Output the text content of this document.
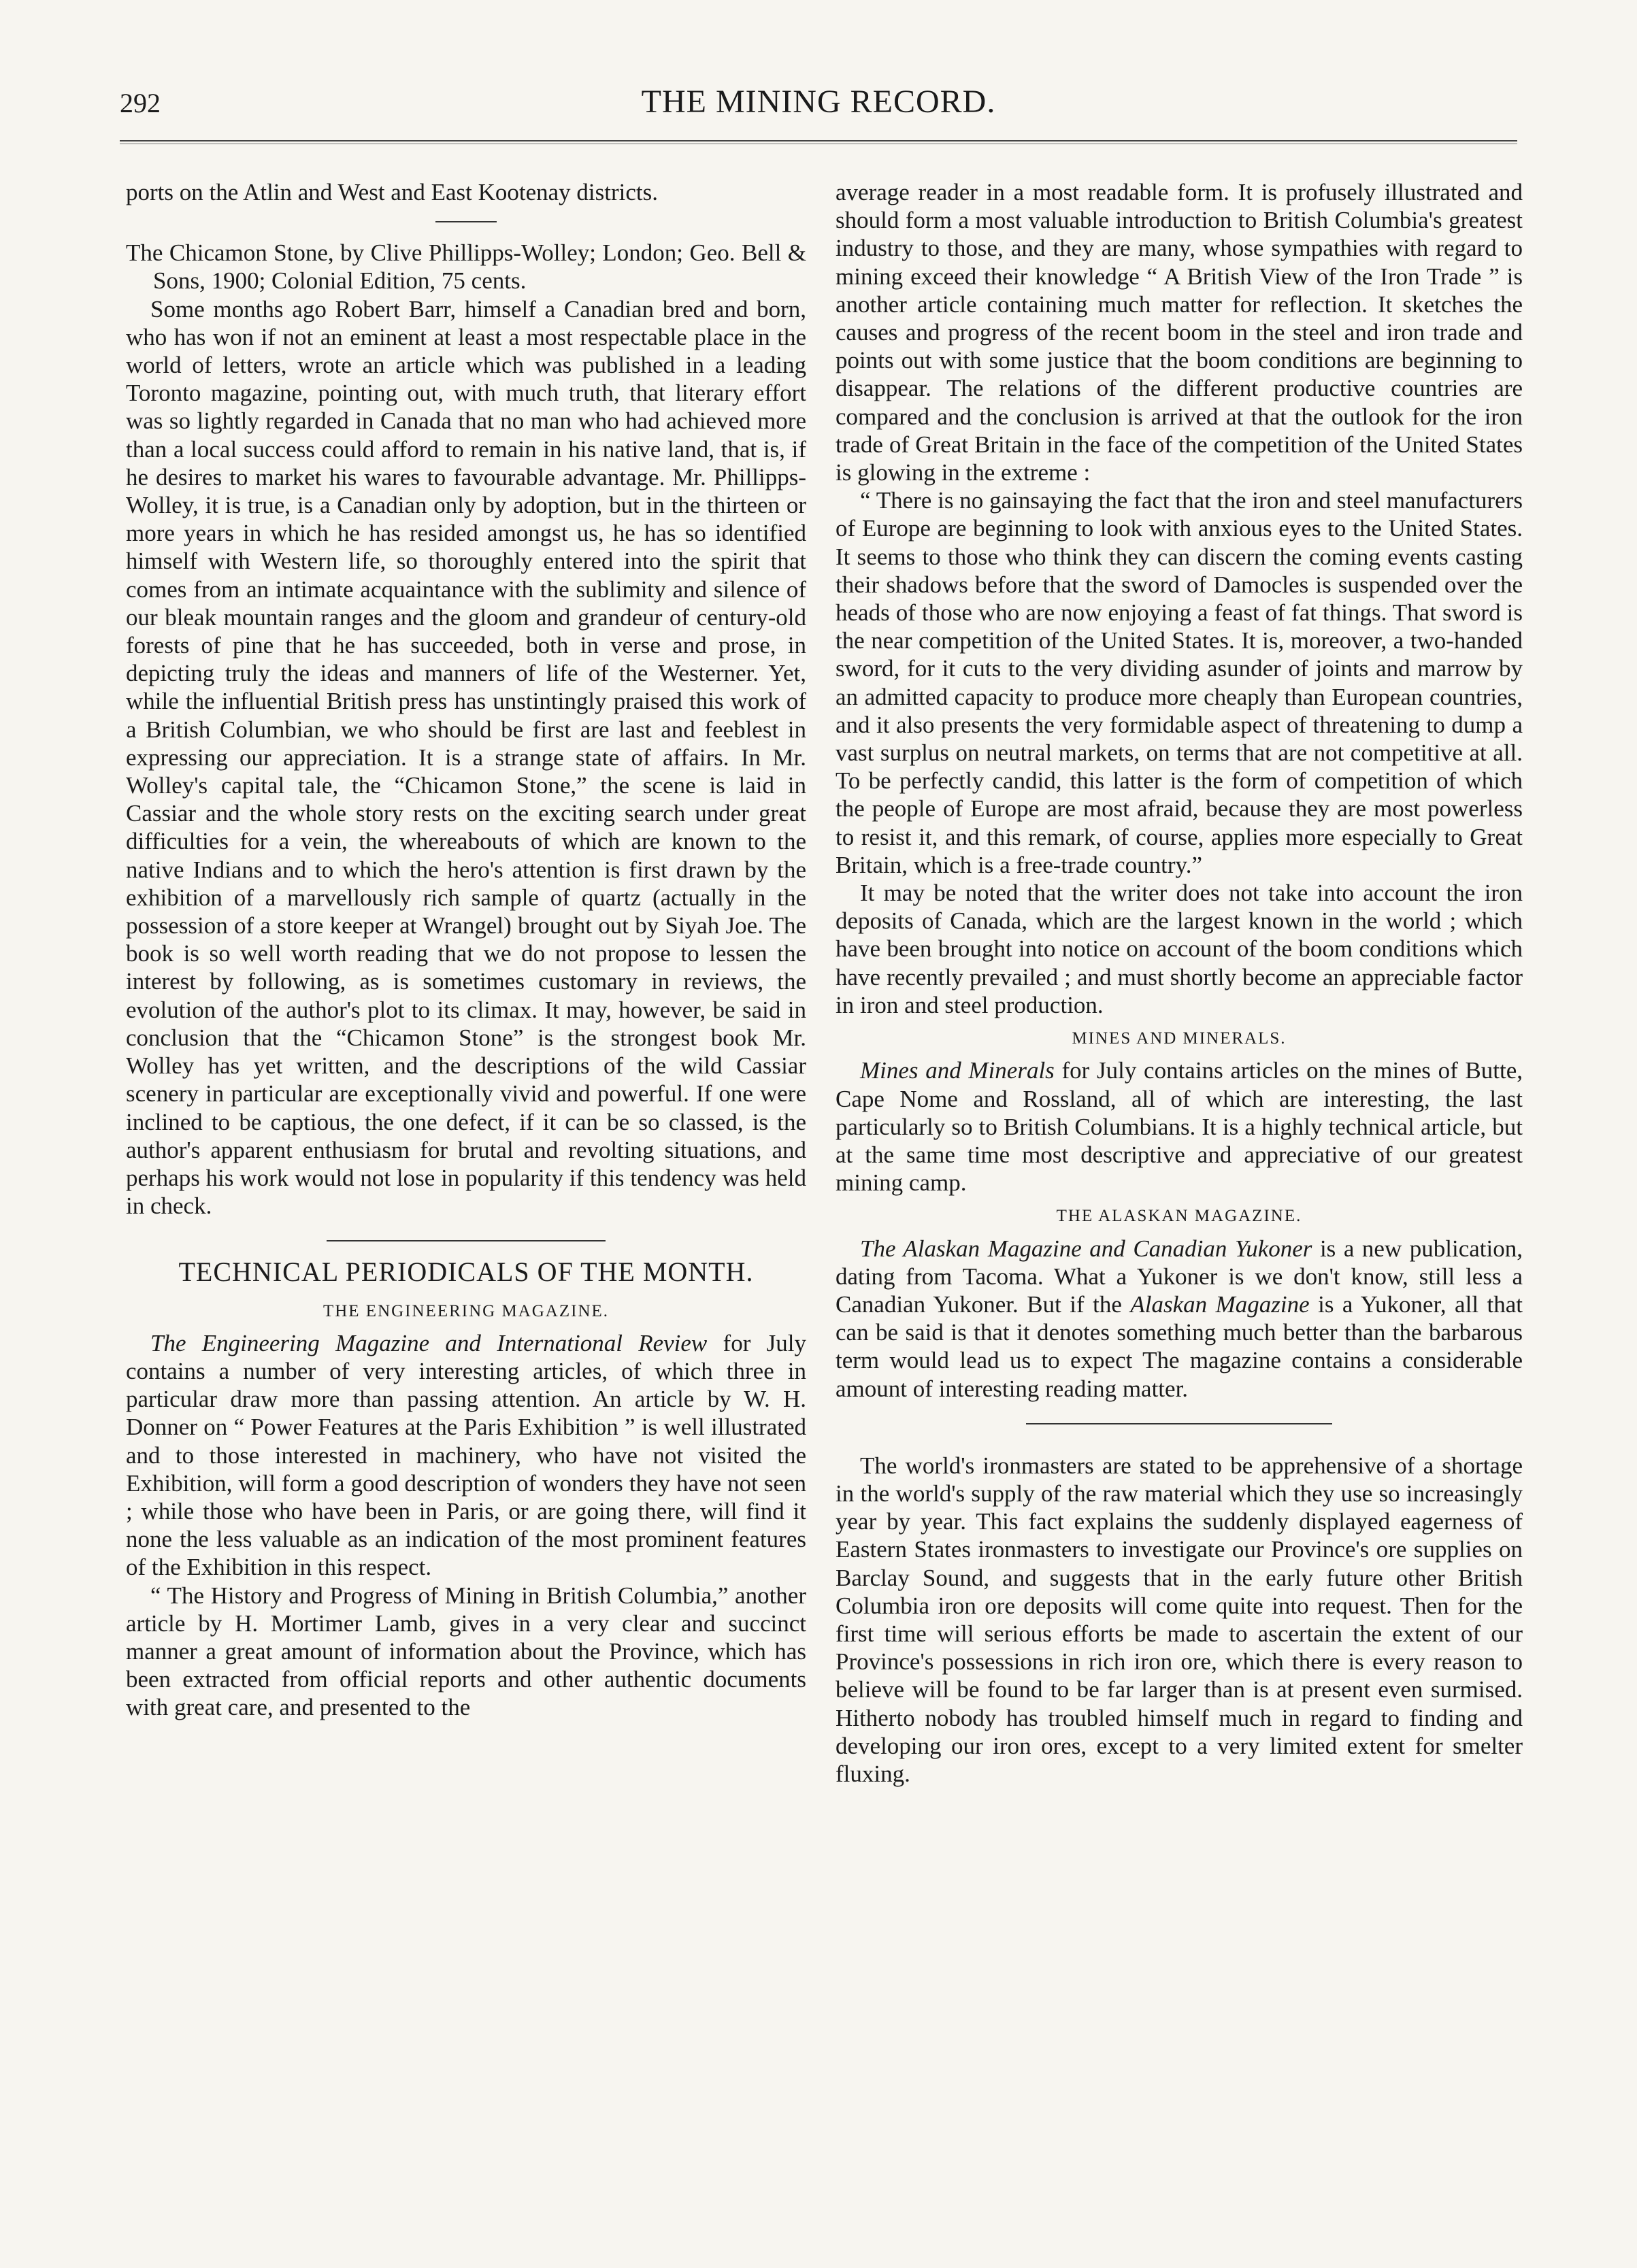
292	THE MINING RECORD.

ports on the Atlin and West and East Kootenay districts.

The Chicamon Stone, by Clive Phillipps-Wolley; London; Geo. Bell & Sons, 1900; Colonial Edition, 75 cents.

Some months ago Robert Barr, himself a Canadian bred and born, who has won if not an eminent at least a most respectable place in the world of letters, wrote an article which was published in a leading Toronto magazine, pointing out, with much truth, that literary effort was so lightly regarded in Canada that no man who had achieved more than a local success could afford to remain in his native land, that is, if he desires to market his wares to favourable advantage. Mr. Phillipps-Wolley, it is true, is a Canadian only by adoption, but in the thirteen or more years in which he has resided amongst us, he has so identified himself with Western life, so thoroughly entered into the spirit that comes from an intimate acquaintance with the sublimity and silence of our bleak mountain ranges and the gloom and grandeur of century-old forests of pine that he has succeeded, both in verse and prose, in depicting truly the ideas and manners of life of the Westerner. Yet, while the influential British press has unstintingly praised this work of a British Columbian, we who should be first are last and feeblest in expressing our appreciation. It is a strange state of affairs. In Mr. Wolley's capital tale, the “Chicamon Stone,” the scene is laid in Cassiar and the whole story rests on the exciting search under great difficulties for a vein, the whereabouts of which are known to the native Indians and to which the hero's attention is first drawn by the exhibition of a marvellously rich sample of quartz (actually in the possession of a store keeper at Wrangel) brought out by Siyah Joe. The book is so well worth reading that we do not propose to lessen the interest by following, as is sometimes customary in reviews, the evolution of the author's plot to its climax. It may, however, be said in conclusion that the “Chicamon Stone” is the strongest book Mr. Wolley has yet written, and the descriptions of the wild Cassiar scenery in particular are exceptionally vivid and powerful. If one were inclined to be captious, the one defect, if it can be so classed, is the author's apparent enthusiasm for brutal and revolting situations, and perhaps his work would not lose in popularity if this tendency was held in check.

TECHNICAL PERIODICALS OF THE MONTH.
THE ENGINEERING MAGAZINE.

The Engineering Magazine and International Review for July contains a number of very interesting articles, of which three in particular draw more than passing attention. An article by W. H. Donner on “ Power Features at the Paris Exhibition ” is well illustrated and to those interested in machinery, who have not visited the Exhibition, will form a good description of wonders they have not seen ; while those who have been in Paris, or are going there, will find it none the less valuable as an indication of the most prominent features of the Exhibition in this respect.

“ The History and Progress of Mining in British Columbia,” another article by H. Mortimer Lamb, gives in a very clear and succinct manner a great amount of information about the Province, which has been extracted from official reports and other authentic documents with great care, and presented to the

average reader in a most readable form. It is profusely illustrated and should form a most valuable introduction to British Columbia's greatest industry to those, and they are many, whose sympathies with regard to mining exceed their knowledge “ A British View of the Iron Trade ” is another article containing much matter for reflection. It sketches the causes and progress of the recent boom in the steel and iron trade and points out with some justice that the boom conditions are beginning to disappear. The relations of the different productive countries are compared and the conclusion is arrived at that the outlook for the iron trade of Great Britain in the face of the competition of the United States is glowing in the extreme :

“ There is no gainsaying the fact that the iron and steel manufacturers of Europe are beginning to look with anxious eyes to the United States. It seems to those who think they can discern the coming events casting their shadows before that the sword of Damocles is suspended over the heads of those who are now enjoying a feast of fat things. That sword is the near competition of the United States. It is, moreover, a two-handed sword, for it cuts to the very dividing asunder of joints and marrow by an admitted capacity to produce more cheaply than European countries, and it also presents the very formidable aspect of threatening to dump a vast surplus on neutral markets, on terms that are not competitive at all. To be perfectly candid, this latter is the form of competition of which the people of Europe are most afraid, because they are most powerless to resist it, and this remark, of course, applies more especially to Great Britain, which is a free-trade country.”

It may be noted that the writer does not take into account the iron deposits of Canada, which are the largest known in the world ; which have been brought into notice on account of the boom conditions which have recently prevailed ; and must shortly become an appreciable factor in iron and steel production.

MINES AND MINERALS.

Mines and Minerals for July contains articles on the mines of Butte, Cape Nome and Rossland, all of which are interesting, the last particularly so to British Columbians. It is a highly technical article, but at the same time most descriptive and appreciative of our greatest mining camp.

THE ALASKAN MAGAZINE.

The Alaskan Magazine and Canadian Yukoner is a new publication, dating from Tacoma. What a Yukoner is we don't know, still less a Canadian Yukoner. But if the Alaskan Magazine is a Yukoner, all that can be said is that it denotes something much better than the barbarous term would lead us to expect The magazine contains a considerable amount of interesting reading matter.

The world's ironmasters are stated to be apprehensive of a shortage in the world's supply of the raw material which they use so increasingly year by year. This fact explains the suddenly displayed eagerness of Eastern States ironmasters to investigate our Province's ore supplies on Barclay Sound, and suggests that in the early future other British Columbia iron ore deposits will come quite into request. Then for the first time will serious efforts be made to ascertain the extent of our Province's possessions in rich iron ore, which there is every reason to believe will be found to be far larger than is at present even surmised. Hitherto nobody has troubled himself much in regard to finding and developing our iron ores, except to a very limited extent for smelter fluxing.
